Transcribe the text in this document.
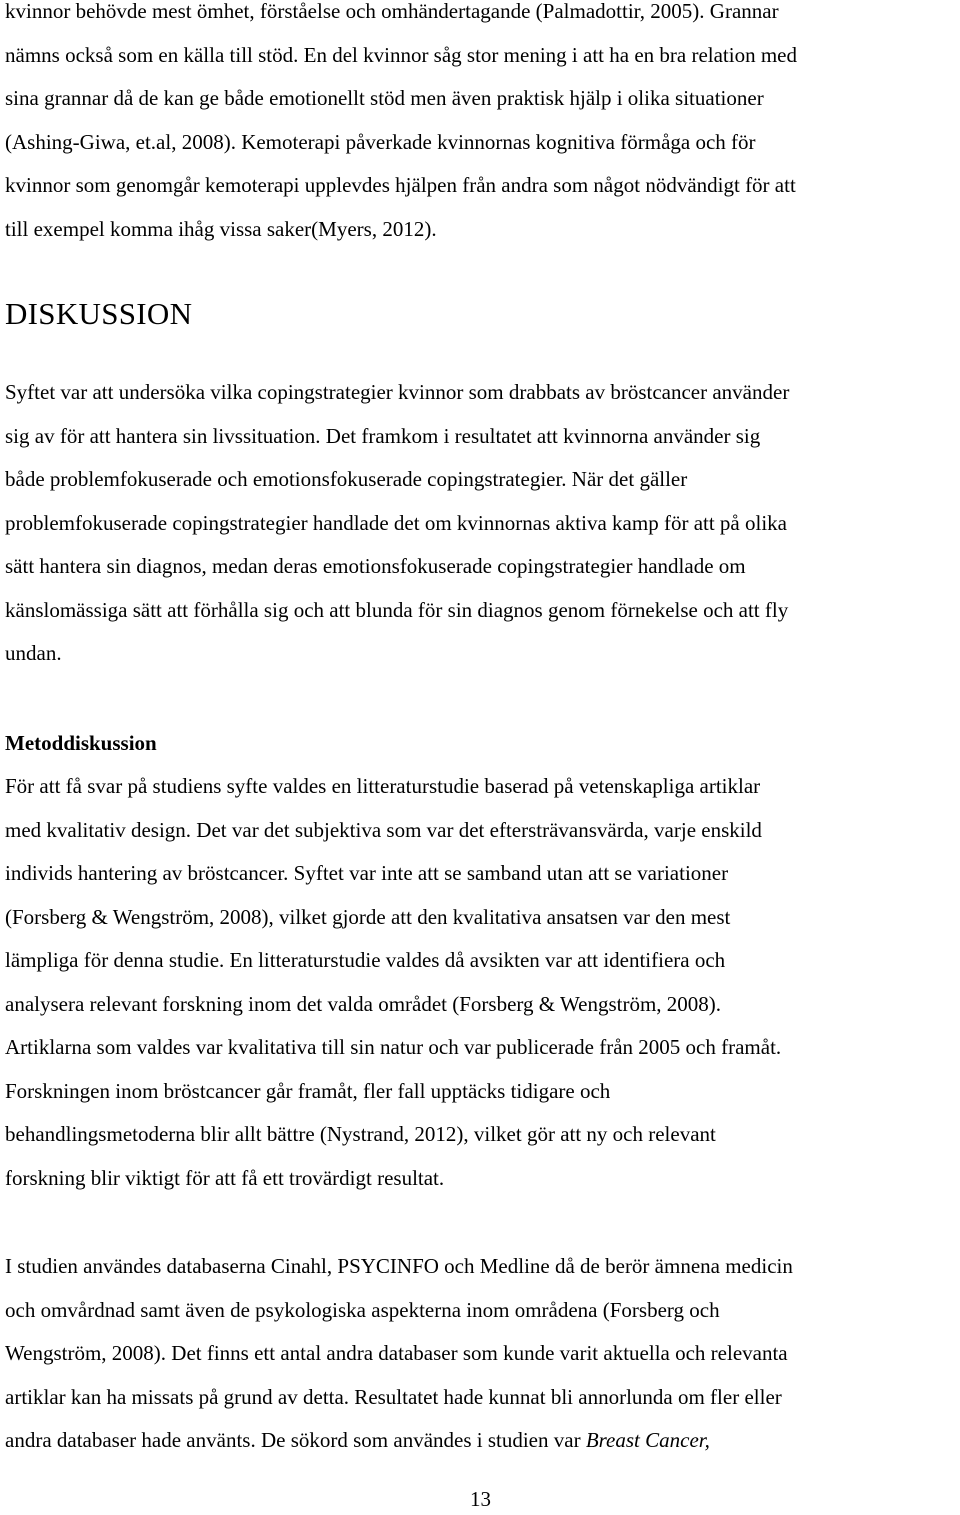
kvinnor behövde mest ömhet, förståelse och omhändertagande (Palmadottir, 2005). Grannar
nämns också som en källa till stöd. En del kvinnor såg stor mening i att ha en bra relation med
sina grannar då de kan ge både emotionellt stöd men även praktisk hjälp i olika situationer
(Ashing-Giwa, et.al, 2008). Kemoterapi påverkade kvinnornas kognitiva förmåga och för
kvinnor som genomgår kemoterapi upplevdes hjälpen från andra som något nödvändigt för att
till exempel komma ihåg vissa saker(Myers, 2012).
DISKUSSION
Syftet var att undersöka vilka copingstrategier kvinnor som drabbats av bröstcancer använder
sig av för att hantera sin livssituation. Det framkom i resultatet att kvinnorna använder sig
både problemfokuserade och emotionsfokuserade copingstrategier. När det gäller
problemfokuserade copingstrategier handlade det om kvinnornas aktiva kamp för att på olika
sätt hantera sin diagnos, medan deras emotionsfokuserade copingstrategier handlade om
känslomässiga sätt att förhålla sig och att blunda för sin diagnos genom förnekelse och att fly
undan.
Metoddiskussion
För att få svar på studiens syfte valdes en litteraturstudie baserad på vetenskapliga artiklar
med kvalitativ design. Det var det subjektiva som var det eftersträvansvärda, varje enskild
individs hantering av bröstcancer. Syftet var inte att se samband utan att se variationer
(Forsberg & Wengström, 2008), vilket gjorde att den kvalitativa ansatsen var den mest
lämpliga för denna studie. En litteraturstudie valdes då avsikten var att identifiera och
analysera relevant forskning inom det valda området (Forsberg & Wengström, 2008).
Artiklarna som valdes var kvalitativa till sin natur och var publicerade från 2005 och framåt.
Forskningen inom bröstcancer går framåt, fler fall upptäcks tidigare och
behandlingsmetoderna blir allt bättre (Nystrand, 2012), vilket gör att ny och relevant
forskning blir viktigt för att få ett trovärdigt resultat.
I studien användes databaserna Cinahl, PSYCINFO och Medline då de berör ämnena medicin
och omvårdnad samt även de psykologiska aspekterna inom områdena (Forsberg och
Wengström, 2008). Det finns ett antal andra databaser som kunde varit aktuella och relevanta
artiklar kan ha missats på grund av detta. Resultatet hade kunnat bli annorlunda om fler eller
andra databaser hade använts. De sökord som användes i studien var Breast Cancer,
13
